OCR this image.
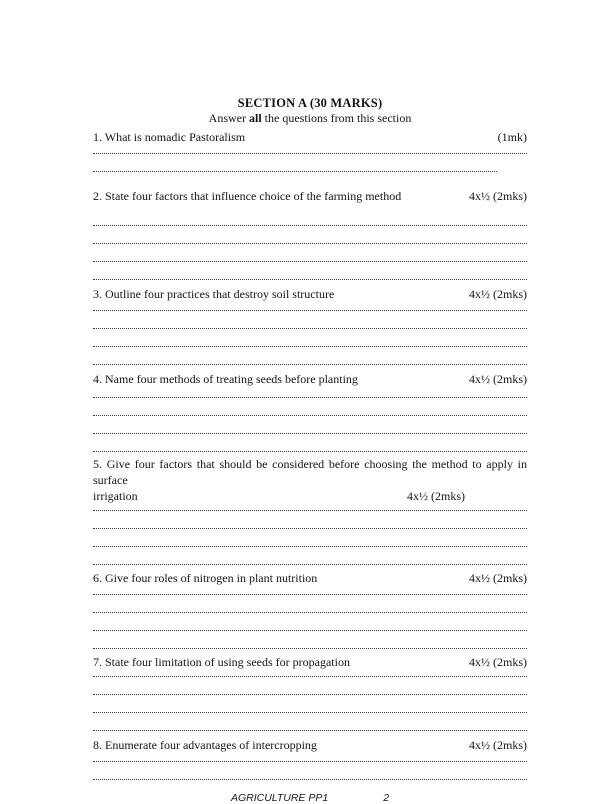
SECTION A (30 MARKS)
Answer all the questions from this section
1. What is nomadic Pastoralism	(1mk)
2. State four factors that influence choice of the farming method	4x½ (2mks)
3. Outline four practices that destroy soil structure	4x½ (2mks)
4. Name four methods of treating seeds before planting	4x½ (2mks)
5. Give four factors that should be considered before choosing the method to apply in surface
irrigation	4x½ (2mks)
6. Give four roles of nitrogen in plant nutrition	4x½ (2mks)
7. State four limitation of using seeds for propagation	4x½ (2mks)
8. Enumerate four advantages of intercropping	4x½ (2mks)
AGRICULTURE PP1	2
